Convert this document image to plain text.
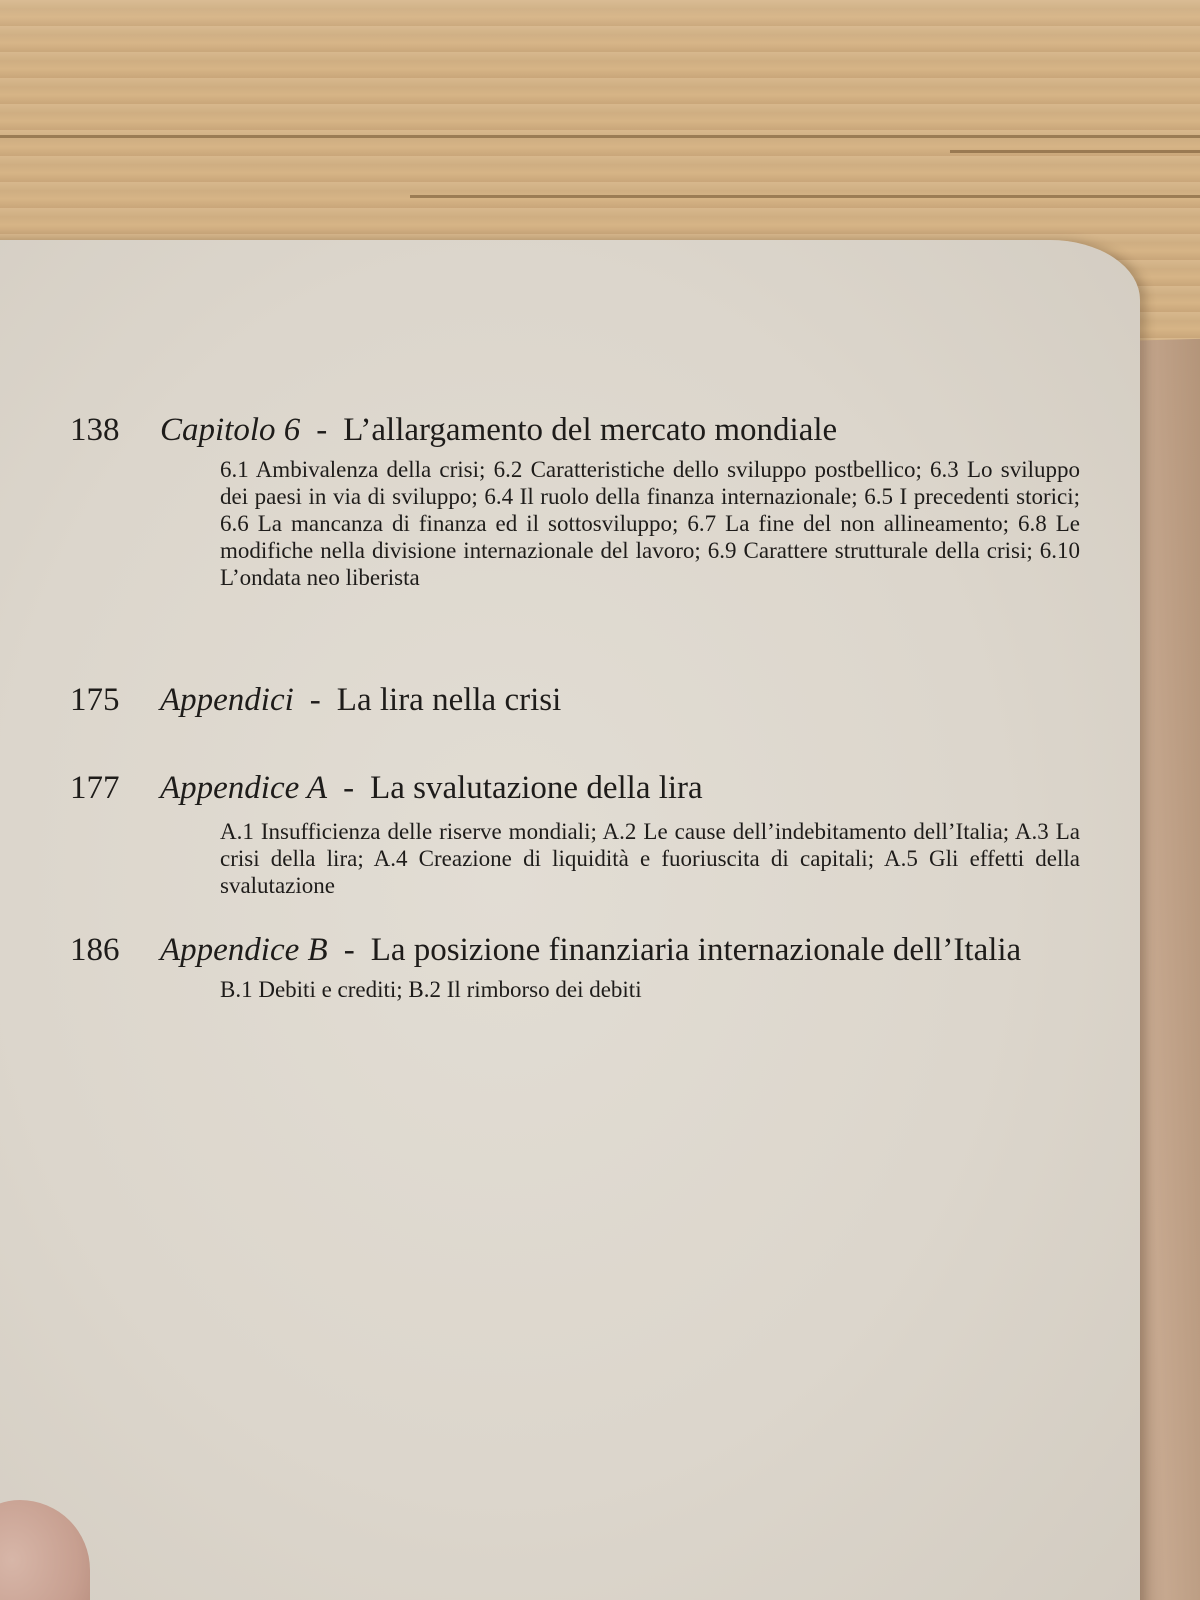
138	Capitolo 6 - L’allargamento del mercato mondiale
6.1 Ambivalenza della crisi; 6.2 Caratteristiche dello sviluppo postbellico; 6.3 Lo sviluppo dei paesi in via di sviluppo; 6.4 Il ruolo della finanza internazionale; 6.5 I precedenti storici; 6.6 La mancanza di finanza ed il sottosviluppo; 6.7 La fine del non allineamento; 6.8 Le modifiche nella divisione internazionale del lavoro; 6.9 Carattere strutturale della crisi; 6.10 L’ondata neo liberista
175	Appendici - La lira nella crisi
177	Appendice A - La svalutazione della lira
A.1 Insufficienza delle riserve mondiali; A.2 Le cause dell’indebitamento dell’Italia; A.3 La crisi della lira; A.4 Creazione di liquidità e fuoriuscita di capitali; A.5 Gli effetti della svalutazione
186	Appendice B - La posizione finanziaria internazionale dell’Italia
B.1 Debiti e crediti; B.2 Il rimborso dei debiti
